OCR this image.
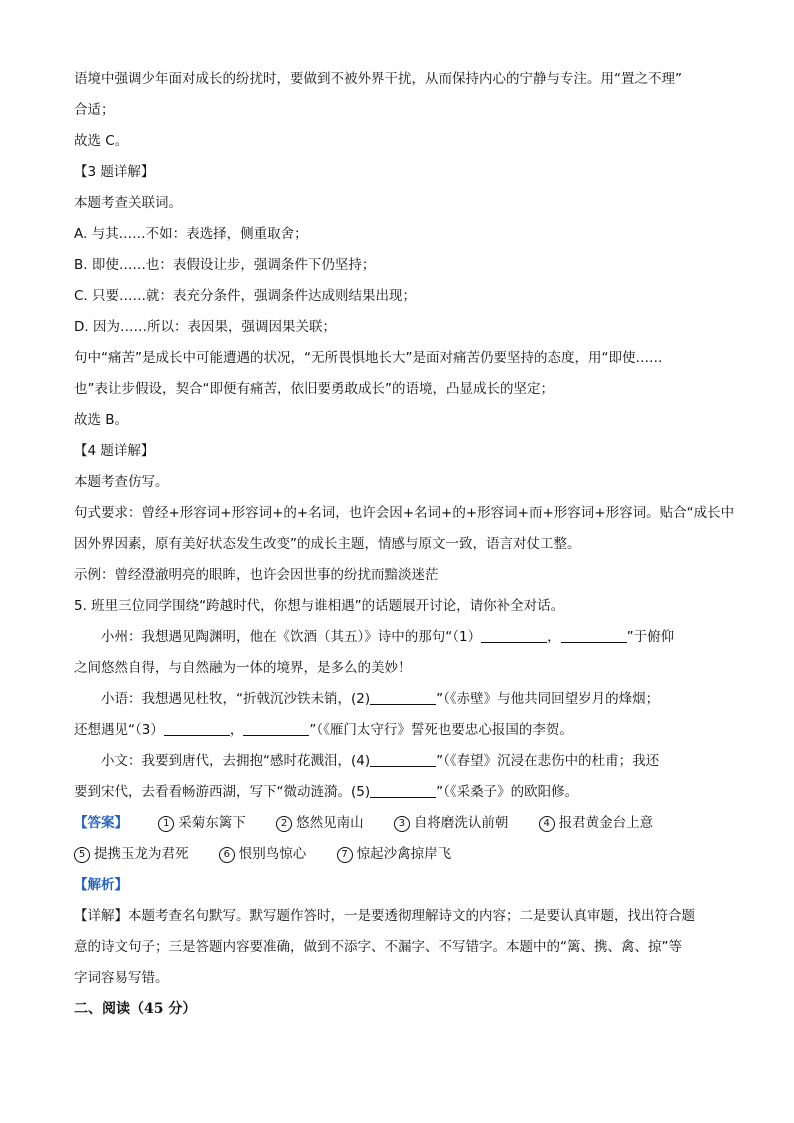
语境中强调少年面对成长的纷扰时，要做到不被外界干扰，从而保持内心的宁静与专注。用“置之不理”
合适；
故选 C。
【3 题详解】
本题考查关联词。
A. 与其……不如：表选择，侧重取舍；
B. 即使……也：表假设让步，强调条件下仍坚持；
C. 只要……就：表充分条件，强调条件达成则结果出现；
D. 因为……所以：表因果，强调因果关联；
句中“痛苦”是成长中可能遭遇的状况，“无所畏惧地长大”是面对痛苦仍要坚持的态度，用“即使……
也”表让步假设，契合“即便有痛苦，依旧要勇敢成长”的语境，凸显成长的坚定；
故选 B。
【4 题详解】
本题考查仿写。
句式要求：曾经+形容词+形容词+的+名词，也许会因+名词+的+形容词+而+形容词+形容词。贴合“成长中
因外界因素，原有美好状态发生改变”的成长主题，情感与原文一致，语言对仗工整。
示例：曾经澄澈明亮的眼眸，也许会因世事的纷扰而黯淡迷茫
5. 班里三位同学围绕“跨越时代，你想与谁相遇”的话题展开讨论，请你补全对话。
小州：我想遇见陶渊明，他在《饮酒（其五）》诗中的那句“（1）	，	”于俯仰
之间悠然自得，与自然融为一体的境界，是多么的美妙！
小语：我想遇见杜牧，“折戟沉沙铁未销，(2)	”（《赤壁》与他共同回望岁月的烽烟；
还想遇见“（3）	，	”（《雁门太守行》誓死也要忠心报国的李贺。
小文：我要到唐代，去拥抱“感时花溅泪，(4)	”（《春望》沉浸在悲伤中的杜甫；我还
要到宋代，去看看畅游西湖，写下“微动涟漪。(5)	”（《采桑子》的欧阳修。
【答案】	1 采菊东篱下	2 悠然见南山	3 自将磨洗认前朝	4 报君黄金台上意
5 提携玉龙为君死	6 恨别鸟惊心	7 惊起沙禽掠岸飞
【解析】
【详解】本题考查名句默写。默写题作答时，一是要透彻理解诗文的内容；二是要认真审题，找出符合题
意的诗文句子；三是答题内容要准确，做到不添字、不漏字、不写错字。本题中的“篱、携、禽、掠”等
字词容易写错。
二、阅读（45 分）
